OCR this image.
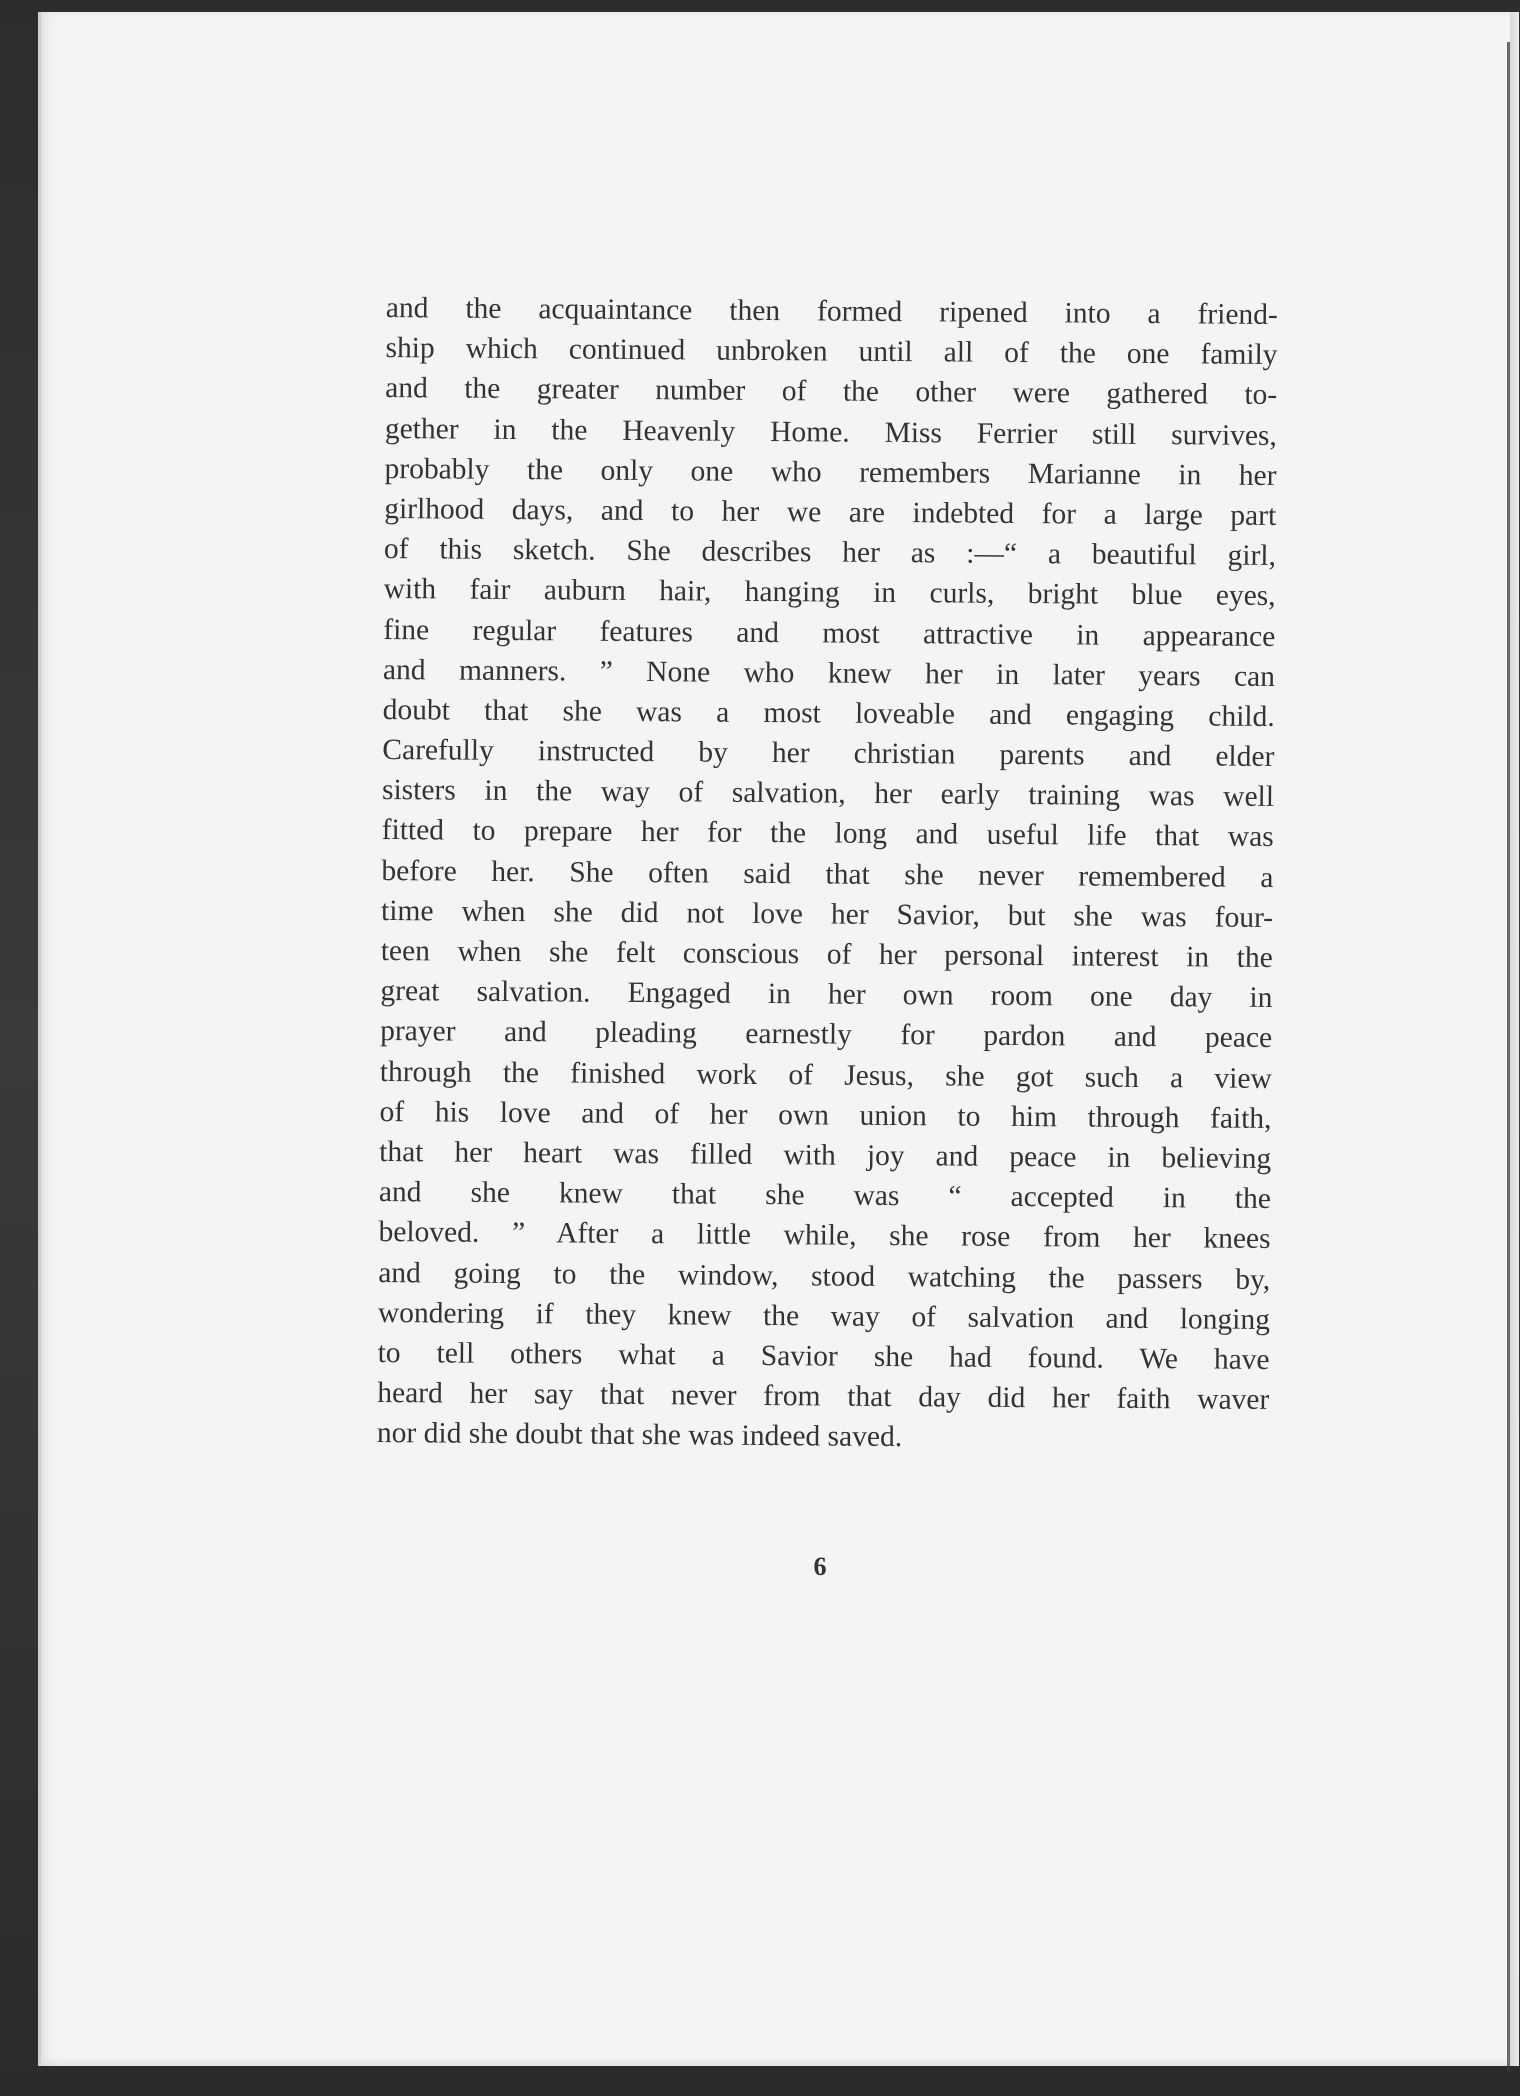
and the acquaintance then formed ripened into a friend-
ship which continued unbroken until all of the one family
and the greater number of the other were gathered to-
gether in the Heavenly Home. Miss Ferrier still survives,
probably the only one who remembers Marianne in her
girlhood days, and to her we are indebted for a large part
of this sketch. She describes her as :—“ a beautiful girl,
with fair auburn hair, hanging in curls, bright blue eyes,
fine regular features and most attractive in appearance
and manners. ” None who knew her in later years can
doubt that she was a most loveable and engaging child.
Carefully instructed by her christian parents and elder
sisters in the way of salvation, her early training was well
fitted to prepare her for the long and useful life that was
before her. She often said that she never remembered a
time when she did not love her Savior, but she was four-
teen when she felt conscious of her personal interest in the
great salvation. Engaged in her own room one day in
prayer and pleading earnestly for pardon and peace
through the finished work of Jesus, she got such a view
of his love and of her own union to him through faith,
that her heart was filled with joy and peace in believing
and she knew that she was “ accepted in the
beloved. ” After a little while, she rose from her knees
and going to the window, stood watching the passers by,
wondering if they knew the way of salvation and longing
to tell others what a Savior she had found. We have
heard her say that never from that day did her faith waver
nor did she doubt that she was indeed saved.
6
